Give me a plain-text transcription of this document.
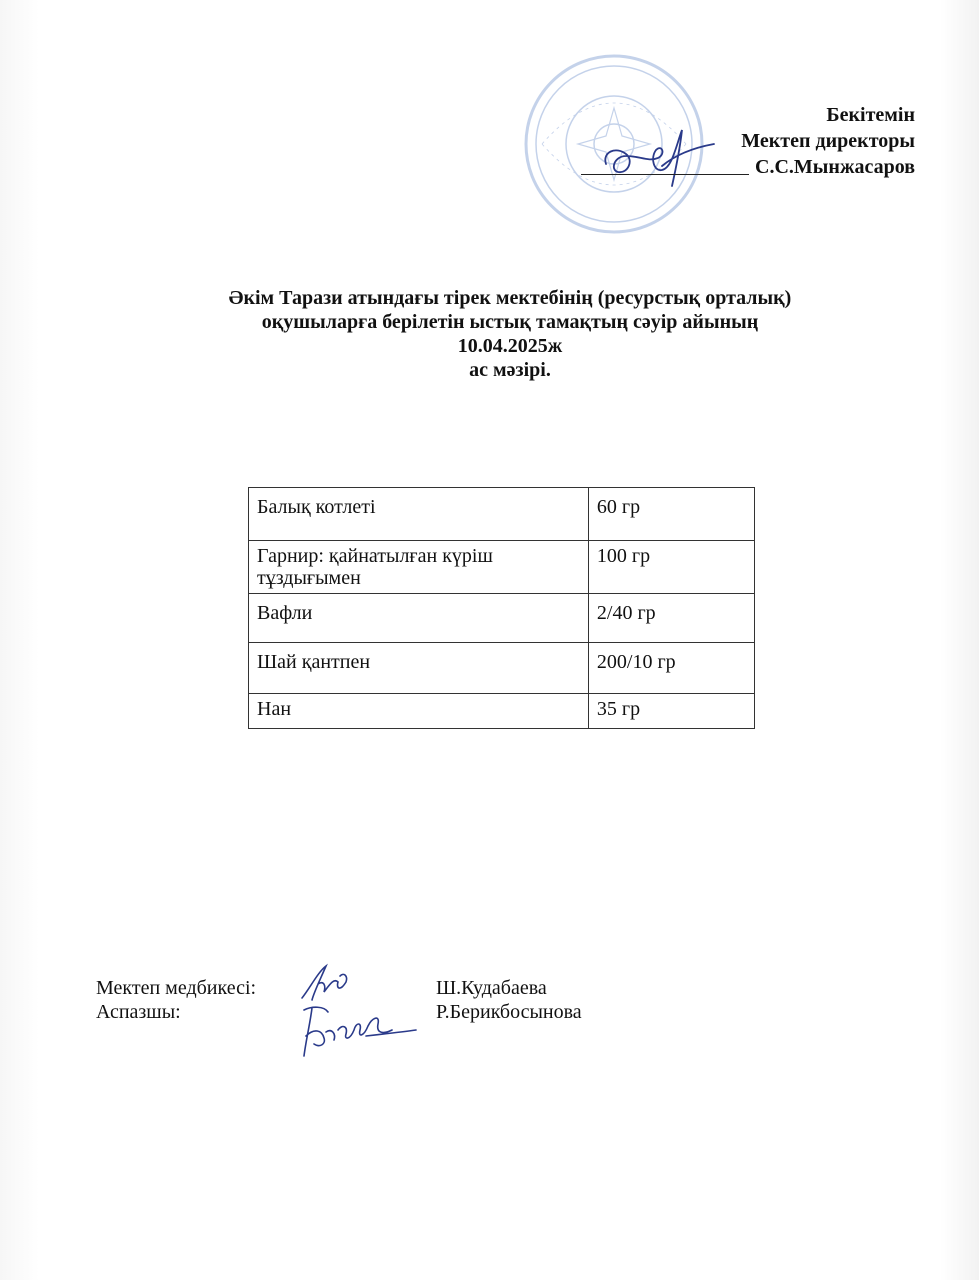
Бекітемін
Мектеп директоры
С.С.Мынжасаров
Әкім Тарази атындағы тірек мектебінің (ресурстық орталық)
оқушыларға берілетін ыстық тамақтың сәуір айының
10.04.2025ж
ас мәзірі.
Балық котлеті	60 гр
Гарнир: қайнатылған күріш тұздығымен	100 гр
Вафли	2/40 гр
Шай қантпен	200/10 гр
Нан	35 гр
Мектеп медбикесі:	Ш.Кудабаева
Аспазшы:	Р.Берикбосынова
